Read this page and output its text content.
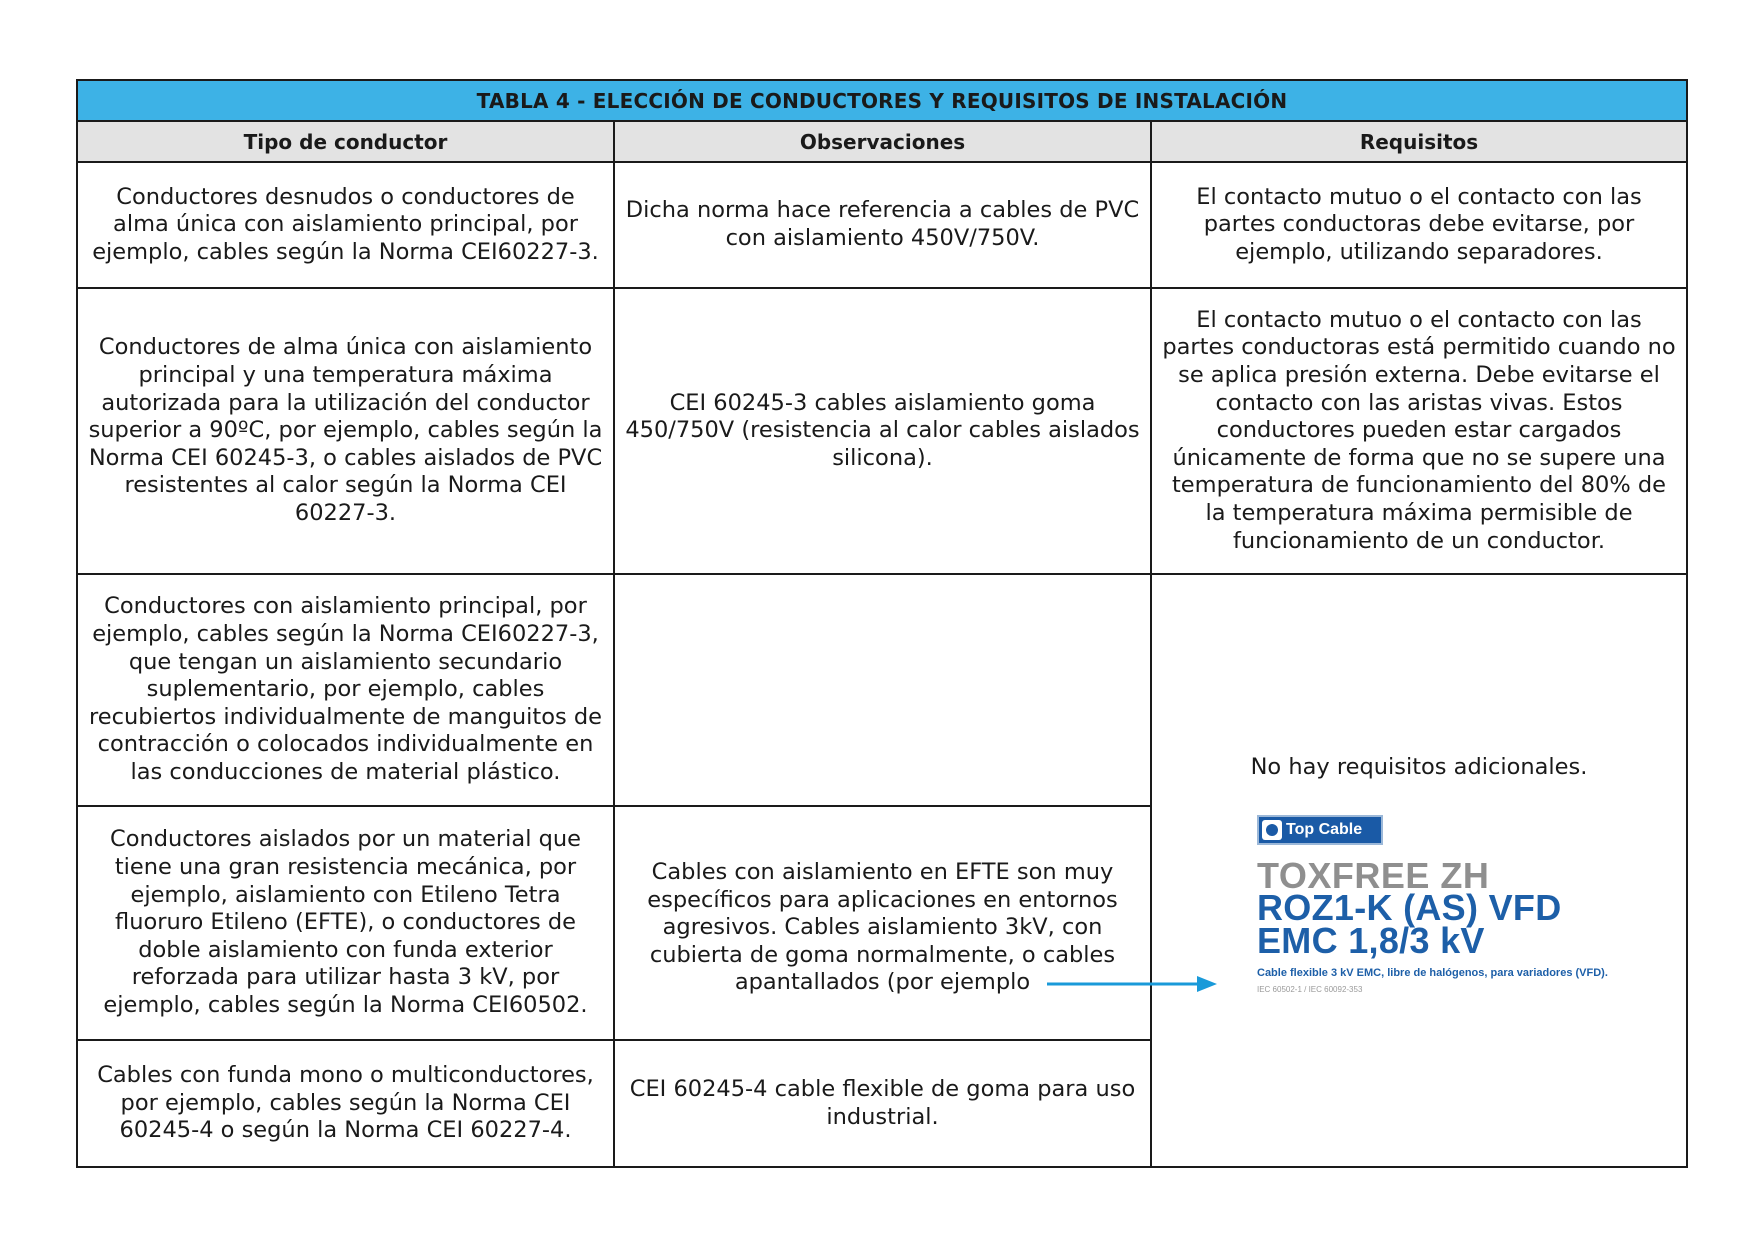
TABLA 4 - ELECCIÓN DE CONDUCTORES Y REQUISITOS DE INSTALACIÓN
Tipo de conductor	Observaciones	Requisitos
Conductores desnudos o conductores de alma única con aislamiento principal, por ejemplo, cables según la Norma CEI60227-3.
Dicha norma hace referencia a cables de PVC con aislamiento 450V/750V.
El contacto mutuo o el contacto con las partes conductoras debe evitarse, por ejemplo, utilizando separadores.
Conductores de alma única con aislamiento principal y una temperatura máxima autorizada para la utilización del conductor superior a 90ºC, por ejemplo, cables según la Norma CEI 60245-3, o cables aislados de PVC resistentes al calor según la Norma CEI 60227-3.
CEI 60245-3 cables aislamiento goma 450/750V (resistencia al calor cables aislados silicona).
El contacto mutuo o el contacto con las partes conductoras está permitido cuando no se aplica presión externa. Debe evitarse el contacto con las aristas vivas. Estos conductores pueden estar cargados únicamente de forma que no se supere una temperatura de funcionamiento del 80% de la temperatura máxima permisible de funcionamiento de un conductor.
Conductores con aislamiento principal, por ejemplo, cables según la Norma CEI60227-3, que tengan un aislamiento secundario suplementario, por ejemplo, cables recubiertos individualmente de manguitos de contracción o colocados individualmente en las conducciones de material plástico.
Conductores aislados por un material que tiene una gran resistencia mecánica, por ejemplo, aislamiento con Etileno Tetra fluoruro Etileno (EFTE), o conductores de doble aislamiento con funda exterior reforzada para utilizar hasta 3 kV, por ejemplo, cables según la Norma CEI60502.
Cables con aislamiento en EFTE son muy específicos para aplicaciones en entornos agresivos. Cables aislamiento 3kV, con cubierta de goma normalmente, o cables apantallados (por ejemplo
Cables con funda mono o multiconductores, por ejemplo, cables según la Norma CEI 60245-4 o según la Norma CEI 60227-4.
CEI 60245-4 cable flexible de goma para uso industrial.
No hay requisitos adicionales.
Top Cable
TOXFREE ZH
ROZ1-K (AS) VFD
EMC 1,8/3 kV
Cable flexible 3 kV EMC, libre de halógenos, para variadores (VFD).
IEC 60502-1 / IEC 60092-353
